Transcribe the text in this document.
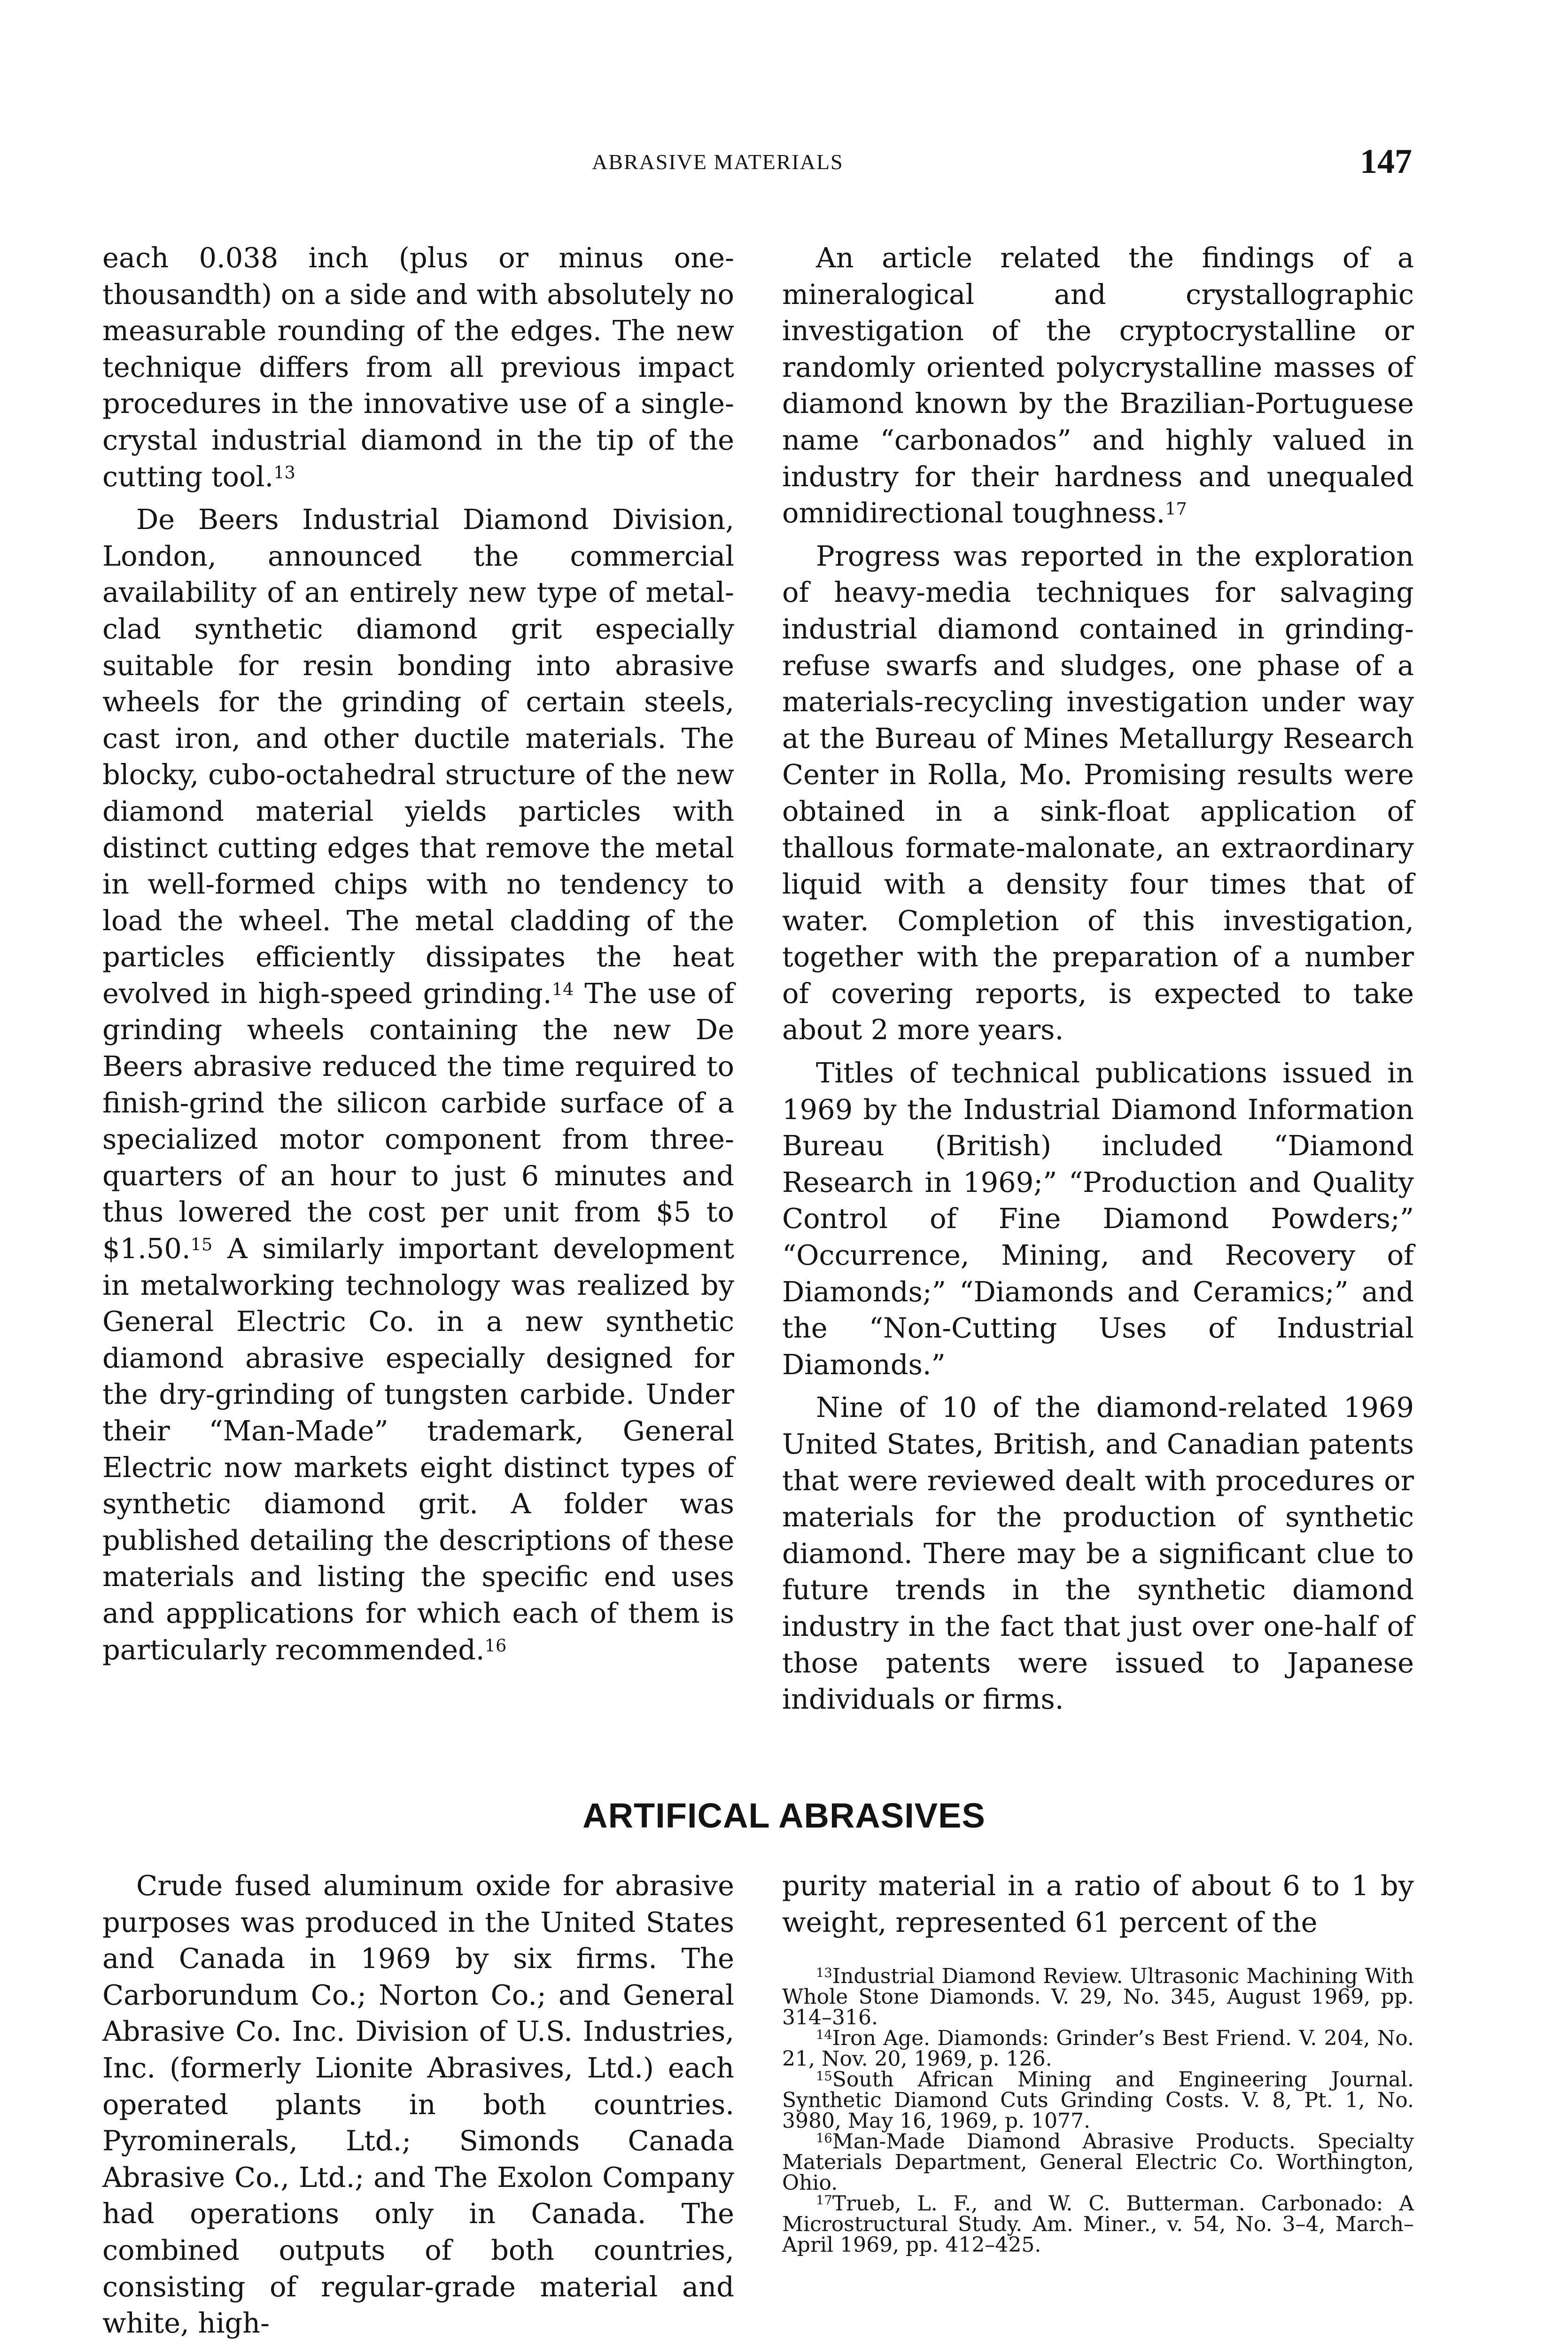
ABRASIVE MATERIALS	147

each 0.038 inch (plus or minus one-thousandth) on a side and with absolutely no measurable rounding of the edges. The new technique differs from all previous impact procedures in the innovative use of a single-crystal industrial diamond in the tip of the cutting tool.$^{13}$

De Beers Industrial Diamond Division, London, announced the commercial availability of an entirely new type of metal-clad synthetic diamond grit especially suitable for resin bonding into abrasive wheels for the grinding of certain steels, cast iron, and other ductile materials. The blocky, cubo-octahedral structure of the new diamond material yields particles with distinct cutting edges that remove the metal in well-formed chips with no tendency to load the wheel. The metal cladding of the particles efficiently dissipates the heat evolved in high-speed grinding.$^{14}$ The use of grinding wheels containing the new De Beers abrasive reduced the time required to finish-grind the silicon carbide surface of a specialized motor component from three-quarters of an hour to just 6 minutes and thus lowered the cost per unit from $5 to $1.50.15 A similarly important development in metalworking technology was realized by General Electric Co. in a new synthetic diamond abrasive especially designed for the dry-grinding of tungsten carbide. Under their “Man-Made” trademark, General Electric now markets eight distinct types of synthetic diamond grit. A folder was published detailing the descriptions of these materials and listing the specific end uses and appplications for which each of them is particularly recommended.$^{16}$

An article related the findings of a mineralogical and crystallographic investigation of the cryptocrystalline or randomly oriented polycrystalline masses of diamond known by the Brazilian-Portuguese name “carbonados” and highly valued in industry for their hardness and unequaled omnidirectional toughness.$^{17}$

Progress was reported in the exploration of heavy-media techniques for salvaging industrial diamond contained in grinding-refuse swarfs and sludges, one phase of a materials-recycling investigation under way at the Bureau of Mines Metallurgy Research Center in Rolla, Mo. Promising results were obtained in a sink-float application of thallous formate-malonate, an extraordinary liquid with a density four times that of water. Completion of this investigation, together with the preparation of a number of covering reports, is expected to take about 2 more years.

Titles of technical publications issued in 1969 by the Industrial Diamond Information Bureau (British) included “Diamond Research in 1969;” “Production and Quality Control of Fine Diamond Powders;” “Occurrence, Mining, and Recovery of Diamonds;” “Diamonds and Ceramics;” and the “Non-Cutting Uses of Industrial Diamonds.”

Nine of 10 of the diamond-related 1969 United States, British, and Canadian patents that were reviewed dealt with procedures or materials for the production of synthetic diamond. There may be a significant clue to future trends in the synthetic diamond industry in the fact that just over one-half of those patents were issued to Japanese individuals or firms.

ARTIFICAL ABRASIVES

Crude fused aluminum oxide for abrasive purposes was produced in the United States and Canada in 1969 by six firms. The Carborundum Co.; Norton Co.; and General Abrasive Co. Inc. Division of U.S. Industries, Inc. (formerly Lionite Abrasives, Ltd.) each operated plants in both countries. Pyrominerals, Ltd.; Simonds Canada Abrasive Co., Ltd.; and The Exolon Company had operations only in Canada. The combined outputs of both countries, consisting of regular-grade material and white, high-

purity material in a ratio of about 6 to 1 by weight, represented 61 percent of the

$^{13}$Industrial Diamond Review. Ultrasonic Machining With Whole Stone Diamonds. V. 29, No. 345, August 1969, pp. 314–316.

$^{14}$Iron Age. Diamonds: Grinder’s Best Friend. V. 204, No. 21, Nov. 20, 1969, p. 126.

$^{15}$South African Mining and Engineering Journal. Synthetic Diamond Cuts Grinding Costs. V. 8, Pt. 1, No. 3980, May 16, 1969, p. 1077.

$^{16}$Man-Made Diamond Abrasive Products. Specialty Materials Department, General Electric Co. Worthington, Ohio.

$^{17}$Trueb, L. F., and W. C. Butterman. Carbonado: A Microstructural Study. Am. Miner., v. 54, No. 3–4, March–April 1969, pp. 412–425.
